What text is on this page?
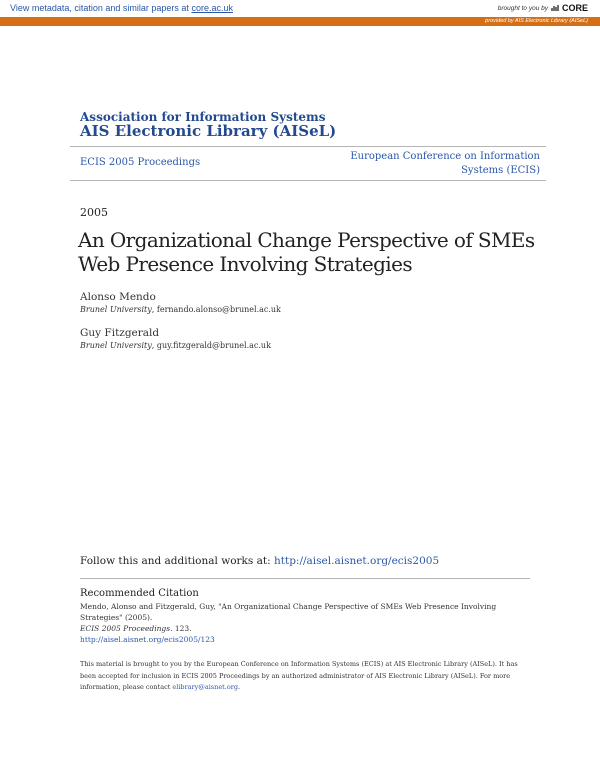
View metadata, citation and similar papers at core.ac.uk	brought to you by CORE
provided by AIS Electronic Library (AISeL)
Association for Information Systems
AIS Electronic Library (AISeL)
ECIS 2005 Proceedings
European Conference on Information Systems (ECIS)
2005
An Organizational Change Perspective of SMEs
Web Presence Involving Strategies
Alonso Mendo
Brunel University, fernando.alonso@brunel.ac.uk
Guy Fitzgerald
Brunel University, guy.fitzgerald@brunel.ac.uk
Follow this and additional works at: http://aisel.aisnet.org/ecis2005
Recommended Citation
Mendo, Alonso and Fitzgerald, Guy, "An Organizational Change Perspective of SMEs Web Presence Involving Strategies" (2005).
ECIS 2005 Proceedings. 123.
http://aisel.aisnet.org/ecis2005/123
This material is brought to you by the European Conference on Information Systems (ECIS) at AIS Electronic Library (AISeL). It has been accepted for inclusion in ECIS 2005 Proceedings by an authorized administrator of AIS Electronic Library (AISeL). For more information, please contact elibrary@aisnet.org.
